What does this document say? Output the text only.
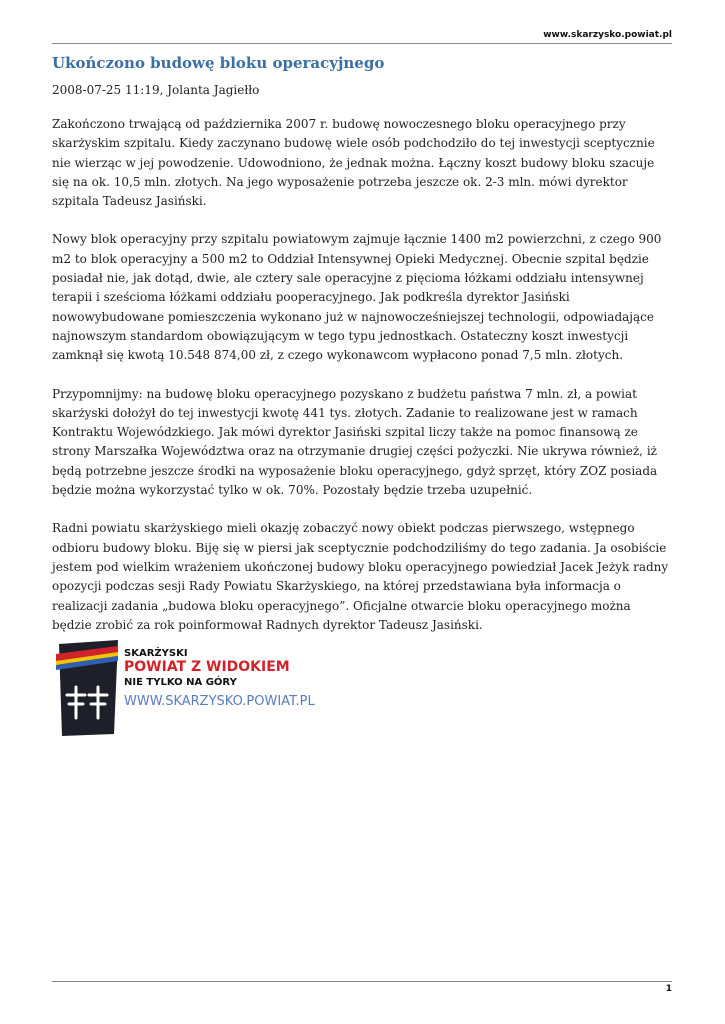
www.skarzysko.powiat.pl
Ukończono budowę bloku operacyjnego
2008-07-25 11:19, Jolanta Jagiełło

Zakończono trwającą od października 2007 r. budowę nowoczesnego bloku operacyjnego przy skarżyskim szpitalu. Kiedy zaczynano budowę wiele osób podchodziło do tej inwestycji sceptycznie nie wierząc w jej powodzenie. Udowodniono, że jednak można. Łączny koszt budowy bloku szacuje się na ok. 10,5 mln. złotych. Na jego wyposażenie potrzeba jeszcze ok. 2-3 mln. mówi dyrektor szpitala Tadeusz Jasiński.

Nowy blok operacyjny przy szpitalu powiatowym zajmuje łącznie 1400 m2 powierzchni, z czego 900 m2 to blok operacyjny a 500 m2 to Oddział Intensywnej Opieki Medycznej. Obecnie szpital będzie posiadał nie, jak dotąd, dwie, ale cztery sale operacyjne z pięcioma łóżkami oddziału intensywnej terapii i sześcioma łóżkami oddziału pooperacyjnego. Jak podkreśla dyrektor Jasiński nowowybudowane pomieszczenia wykonano już w najnowocześniejszej technologii, odpowiadające najnowszym standardom obowiązującym w tego typu jednostkach. Ostateczny koszt inwestycji zamknął się kwotą 10.548 874,00 zł, z czego wykonawcom wypłacono ponad 7,5 mln. złotych.

Przypomnijmy: na budowę bloku operacyjnego pozyskano z budżetu państwa 7 mln. zł, a powiat skarżyski dołożył do tej inwestycji kwotę 441 tys. złotych. Zadanie to realizowane jest w ramach Kontraktu Wojewódzkiego. Jak mówi dyrektor Jasiński szpital liczy także na pomoc finansową ze strony Marszałka Województwa oraz na otrzymanie drugiej części pożyczki. Nie ukrywa również, iż będą potrzebne jeszcze środki na wyposażenie bloku operacyjnego, gdyż sprzęt, który ZOZ posiada będzie można wykorzystać tylko w ok. 70%. Pozostały będzie trzeba uzupełnić.

Radni powiatu skarżyskiego mieli okazję zobaczyć nowy obiekt podczas pierwszego, wstępnego odbioru budowy bloku. Biję się w piersi jak sceptycznie podchodziliśmy do tego zadania. Ja osobiście jestem pod wielkim wrażeniem ukończonej budowy bloku operacyjnego powiedział Jacek Jeżyk radny opozycji podczas sesji Rady Powiatu Skarżyskiego, na której przedstawiana była informacja o realizacji zadania „budowa bloku operacyjnego”. Oficjalne otwarcie bloku operacyjnego można będzie zrobić za rok poinformował Radnych dyrektor Tadeusz Jasiński.

SKARŻYSKI
POWIAT Z WIDOKIEM
NIE TYLKO NA GÓRY
WWW.SKARZYSKO.POWIAT.PL
1
